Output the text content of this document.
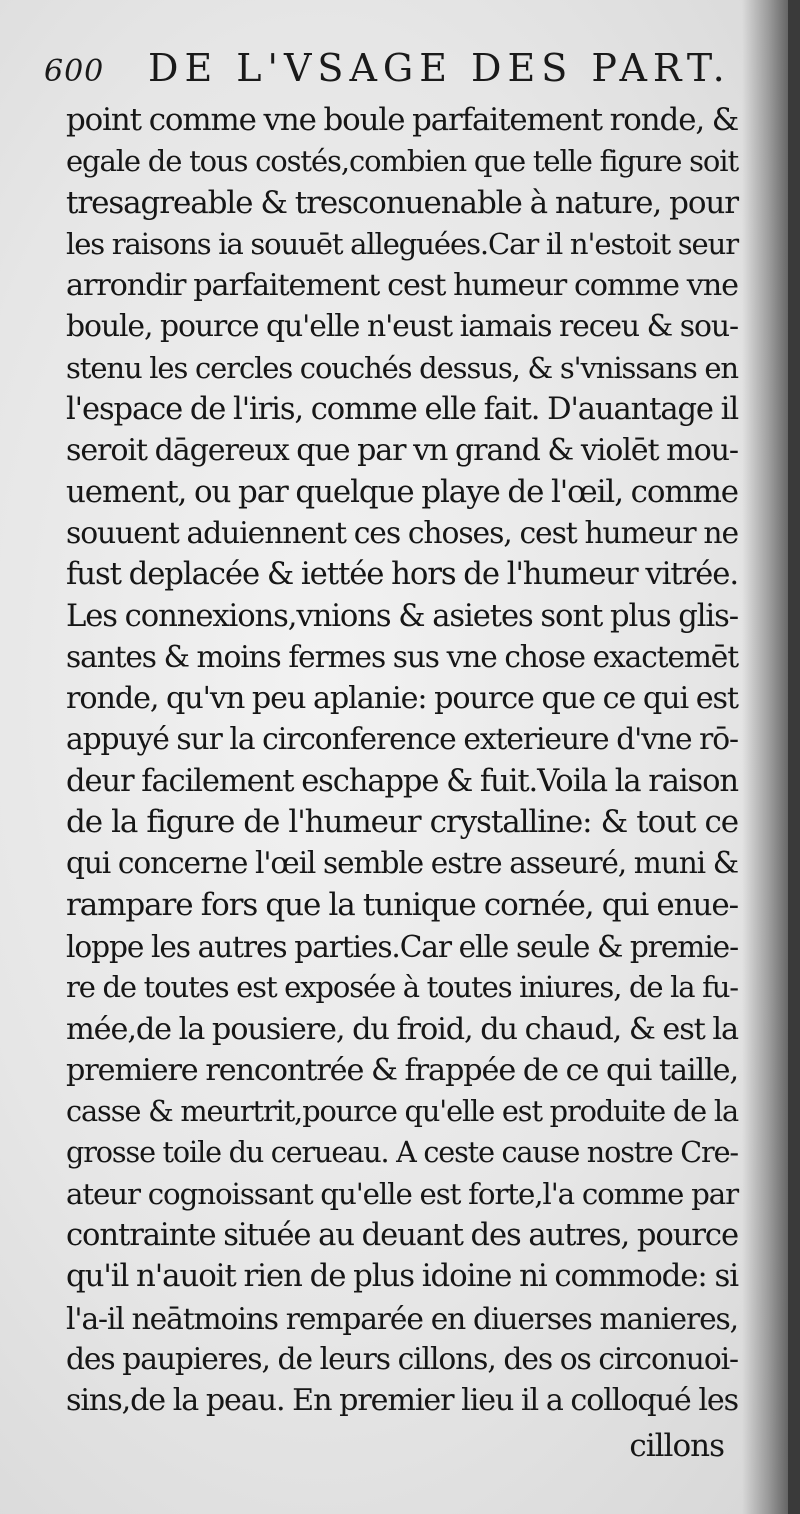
600 DE L'VSAGE DES PART.
point comme vne boule parfaitement ronde, &
egale de tous costés,combien que telle figure soit
tresagreable & tresconuenable à nature, pour
les raisons ia souuēt alleguées.Car il n'estoit seur
arrondir parfaitement cest humeur comme vne
boule, pource qu'elle n'eust iamais receu & sou-
stenu les cercles couchés dessus, & s'vnissans en
l'espace de l'iris, comme elle fait. D'auantage il
seroit dāgereux que par vn grand & violēt mou-
uement, ou par quelque playe de l'œil, comme
souuent aduiennent ces choses, cest humeur ne
fust deplacée & iettée hors de l'humeur vitrée.
Les connexions,vnions & asietes sont plus glis-
santes & moins fermes sus vne chose exactemēt
ronde, qu'vn peu aplanie: pource que ce qui est
appuyé sur la circonference exterieure d'vne rō-
deur facilement eschappe & fuit.Voila la raison
de la figure de l'humeur crystalline: & tout ce
qui concerne l'œil semble estre asseuré, muni &
rampare fors que la tunique cornée, qui enue-
loppe les autres parties.Car elle seule & premie-
re de toutes est exposée à toutes iniures, de la fu-
mée,de la pousiere, du froid, du chaud, & est la
premiere rencontrée & frappée de ce qui taille,
casse & meurtrit,pource qu'elle est produite de la
grosse toile du cerueau. A ceste cause nostre Cre-
ateur cognoissant qu'elle est forte,l'a comme par
contrainte située au deuant des autres, pource
qu'il n'auoit rien de plus idoine ni commode: si
l'a-il neātmoins remparée en diuerses manieres,
des paupieres, de leurs cillons, des os circonuoi-
sins,de la peau. En premier lieu il a colloqué les
cillons
